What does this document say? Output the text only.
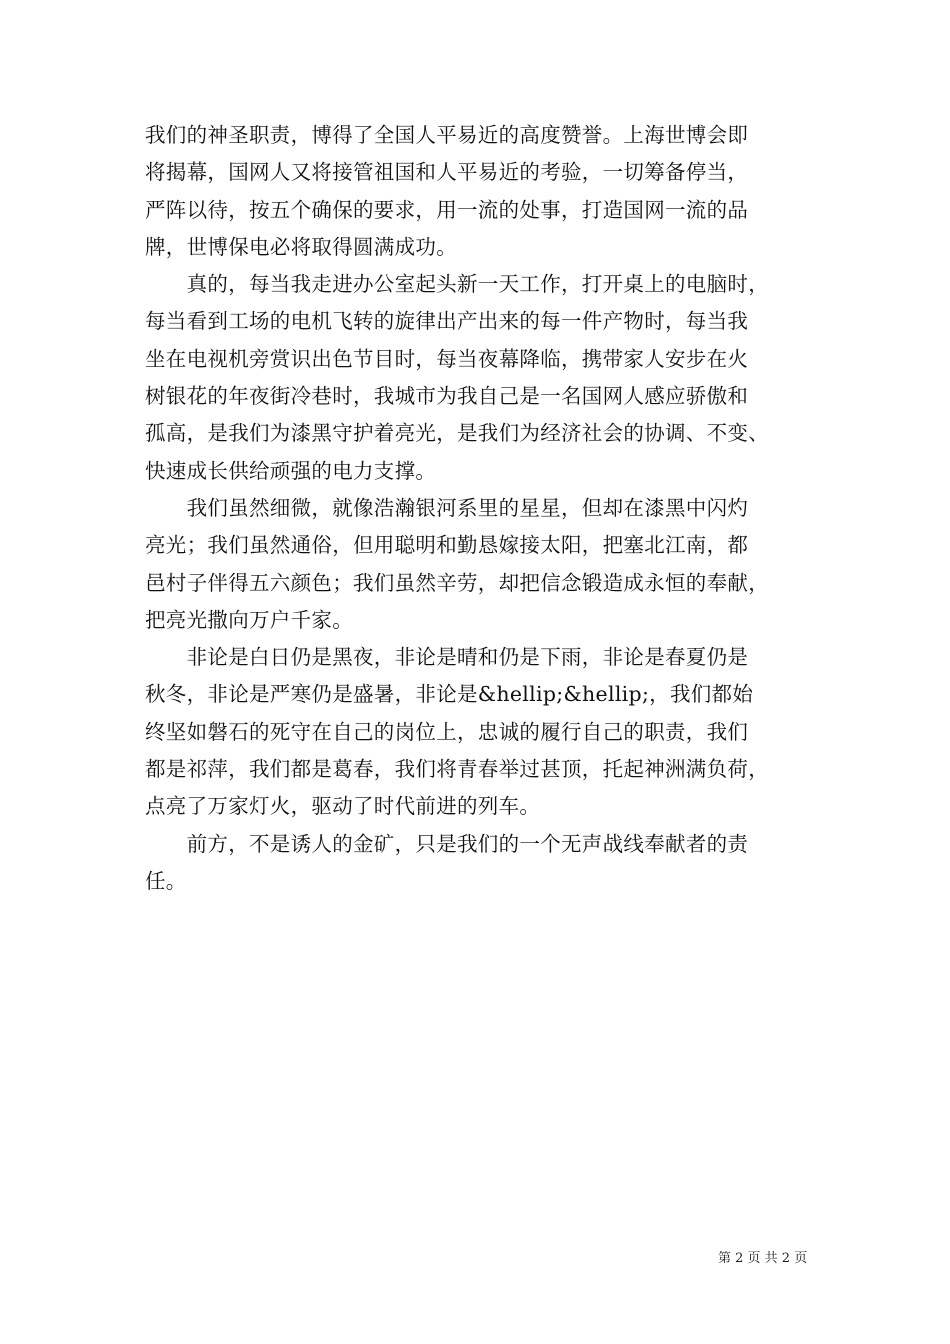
我们的神圣职责，博得了全国人平易近的高度赞誉。上海世博会即
将揭幕，国网人又将接管祖国和人平易近的考验，一切筹备停当，
严阵以待，按五个确保的要求，用一流的处事，打造国网一流的品
牌，世博保电必将取得圆满成功。
　　真的，每当我走进办公室起头新一天工作，打开桌上的电脑时，
每当看到工场的电机飞转的旋律出产出来的每一件产物时，每当我
坐在电视机旁赏识出色节目时，每当夜幕降临，携带家人安步在火
树银花的年夜街冷巷时，我城市为我自己是一名国网人感应骄傲和
孤高，是我们为漆黑守护着亮光，是我们为经济社会的协调、不变、
快速成长供给顽强的电力支撑。
　　我们虽然细微，就像浩瀚银河系里的星星，但却在漆黑中闪灼
亮光；我们虽然通俗，但用聪明和勤恳嫁接太阳，把塞北江南，都
邑村子伴得五六颜色；我们虽然辛劳，却把信念锻造成永恒的奉献，
把亮光撒向万户千家。
　　非论是白日仍是黑夜，非论是晴和仍是下雨，非论是春夏仍是
秋冬，非论是严寒仍是盛暑，非论是&hellip;&hellip;，我们都始
终坚如磐石的死守在自己的岗位上，忠诚的履行自己的职责，我们
都是祁萍，我们都是葛春，我们将青春举过甚顶，托起神洲满负荷，
点亮了万家灯火，驱动了时代前进的列车。
　　前方，不是诱人的金矿，只是我们的一个无声战线奉献者的责
任。
第 2 页 共 2 页
